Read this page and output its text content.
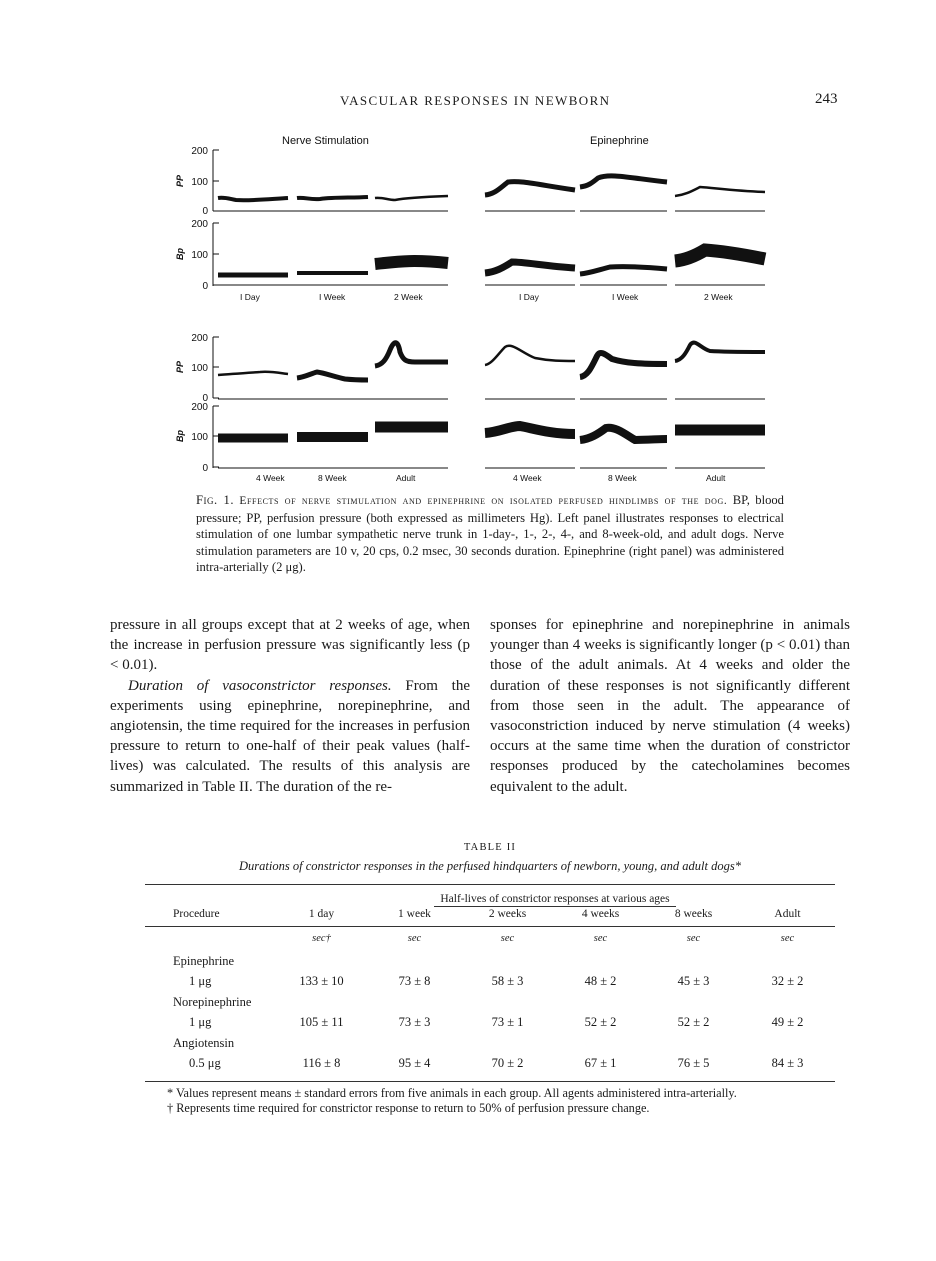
VASCULAR RESPONSES IN NEWBORN	243
Nerve Stimulation	Epinephrine
200
100
0
PP
200
100
0
Bp
I Day	I Week	2 Week	I Day	I Week	2 Week
200
100
0
PP
200
100
0
Bp
4 Week	8 Week	Adult	4 Week	8 Week	Adult
Fig. 1. Effects of nerve stimulation and epinephrine on isolated perfused hindlimbs of the dog. BP, blood pressure; PP, perfusion pressure (both expressed as millimeters Hg). Left panel illustrates responses to electrical stimulation of one lumbar sympathetic nerve trunk in 1-day-, 1-, 2-, 4-, and 8-week-old, and adult dogs. Nerve stimulation parameters are 10 v, 20 cps, 0.2 msec, 30 seconds duration. Epinephrine (right panel) was administered intra-arterially (2 μg).

pressure in all groups except that at 2 weeks of age, when the increase in perfusion pressure was significantly less (p < 0.01).

Duration of vasoconstrictor responses. From the experiments using epinephrine, norepinephrine, and angiotensin, the time required for the increases in perfusion pressure to return to one-half of their peak values (half-lives) was calculated. The results of this analysis are summarized in Table II. The duration of the re-

sponses for epinephrine and norepinephrine in animals younger than 4 weeks is significantly longer (p < 0.01) than those of the adult animals. At 4 weeks and older the duration of these responses is not significantly different from those seen in the adult. The appearance of vasoconstriction induced by nerve stimulation (4 weeks) occurs at the same time when the duration of constrictor responses produced by the catecholamines becomes equivalent to the adult.

TABLE II
Durations of constrictor responses in the perfused hindquarters of newborn, young, and adult dogs*
	Half-lives of constrictor responses at various ages					
Procedure	1 day	1 week	2 weeks	4 weeks	8 weeks	Adult

	sec†	sec	sec	sec	sec	sec
Epinephrine						
1 μg	133 ± 10	73 ± 8	58 ± 3	48 ± 2	45 ± 3	32 ± 2
Norepinephrine						
1 μg	105 ± 11	73 ± 3	73 ± 1	52 ± 2	52 ± 2	49 ± 2
Angiotensin						
0.5 μg	116 ± 8	95 ± 4	70 ± 2	67 ± 1	76 ± 5	84 ± 3

* Values represent means ± standard errors from five animals in each group. All agents administered intra-arterially.

† Represents time required for constrictor response to return to 50% of perfusion pressure change.
